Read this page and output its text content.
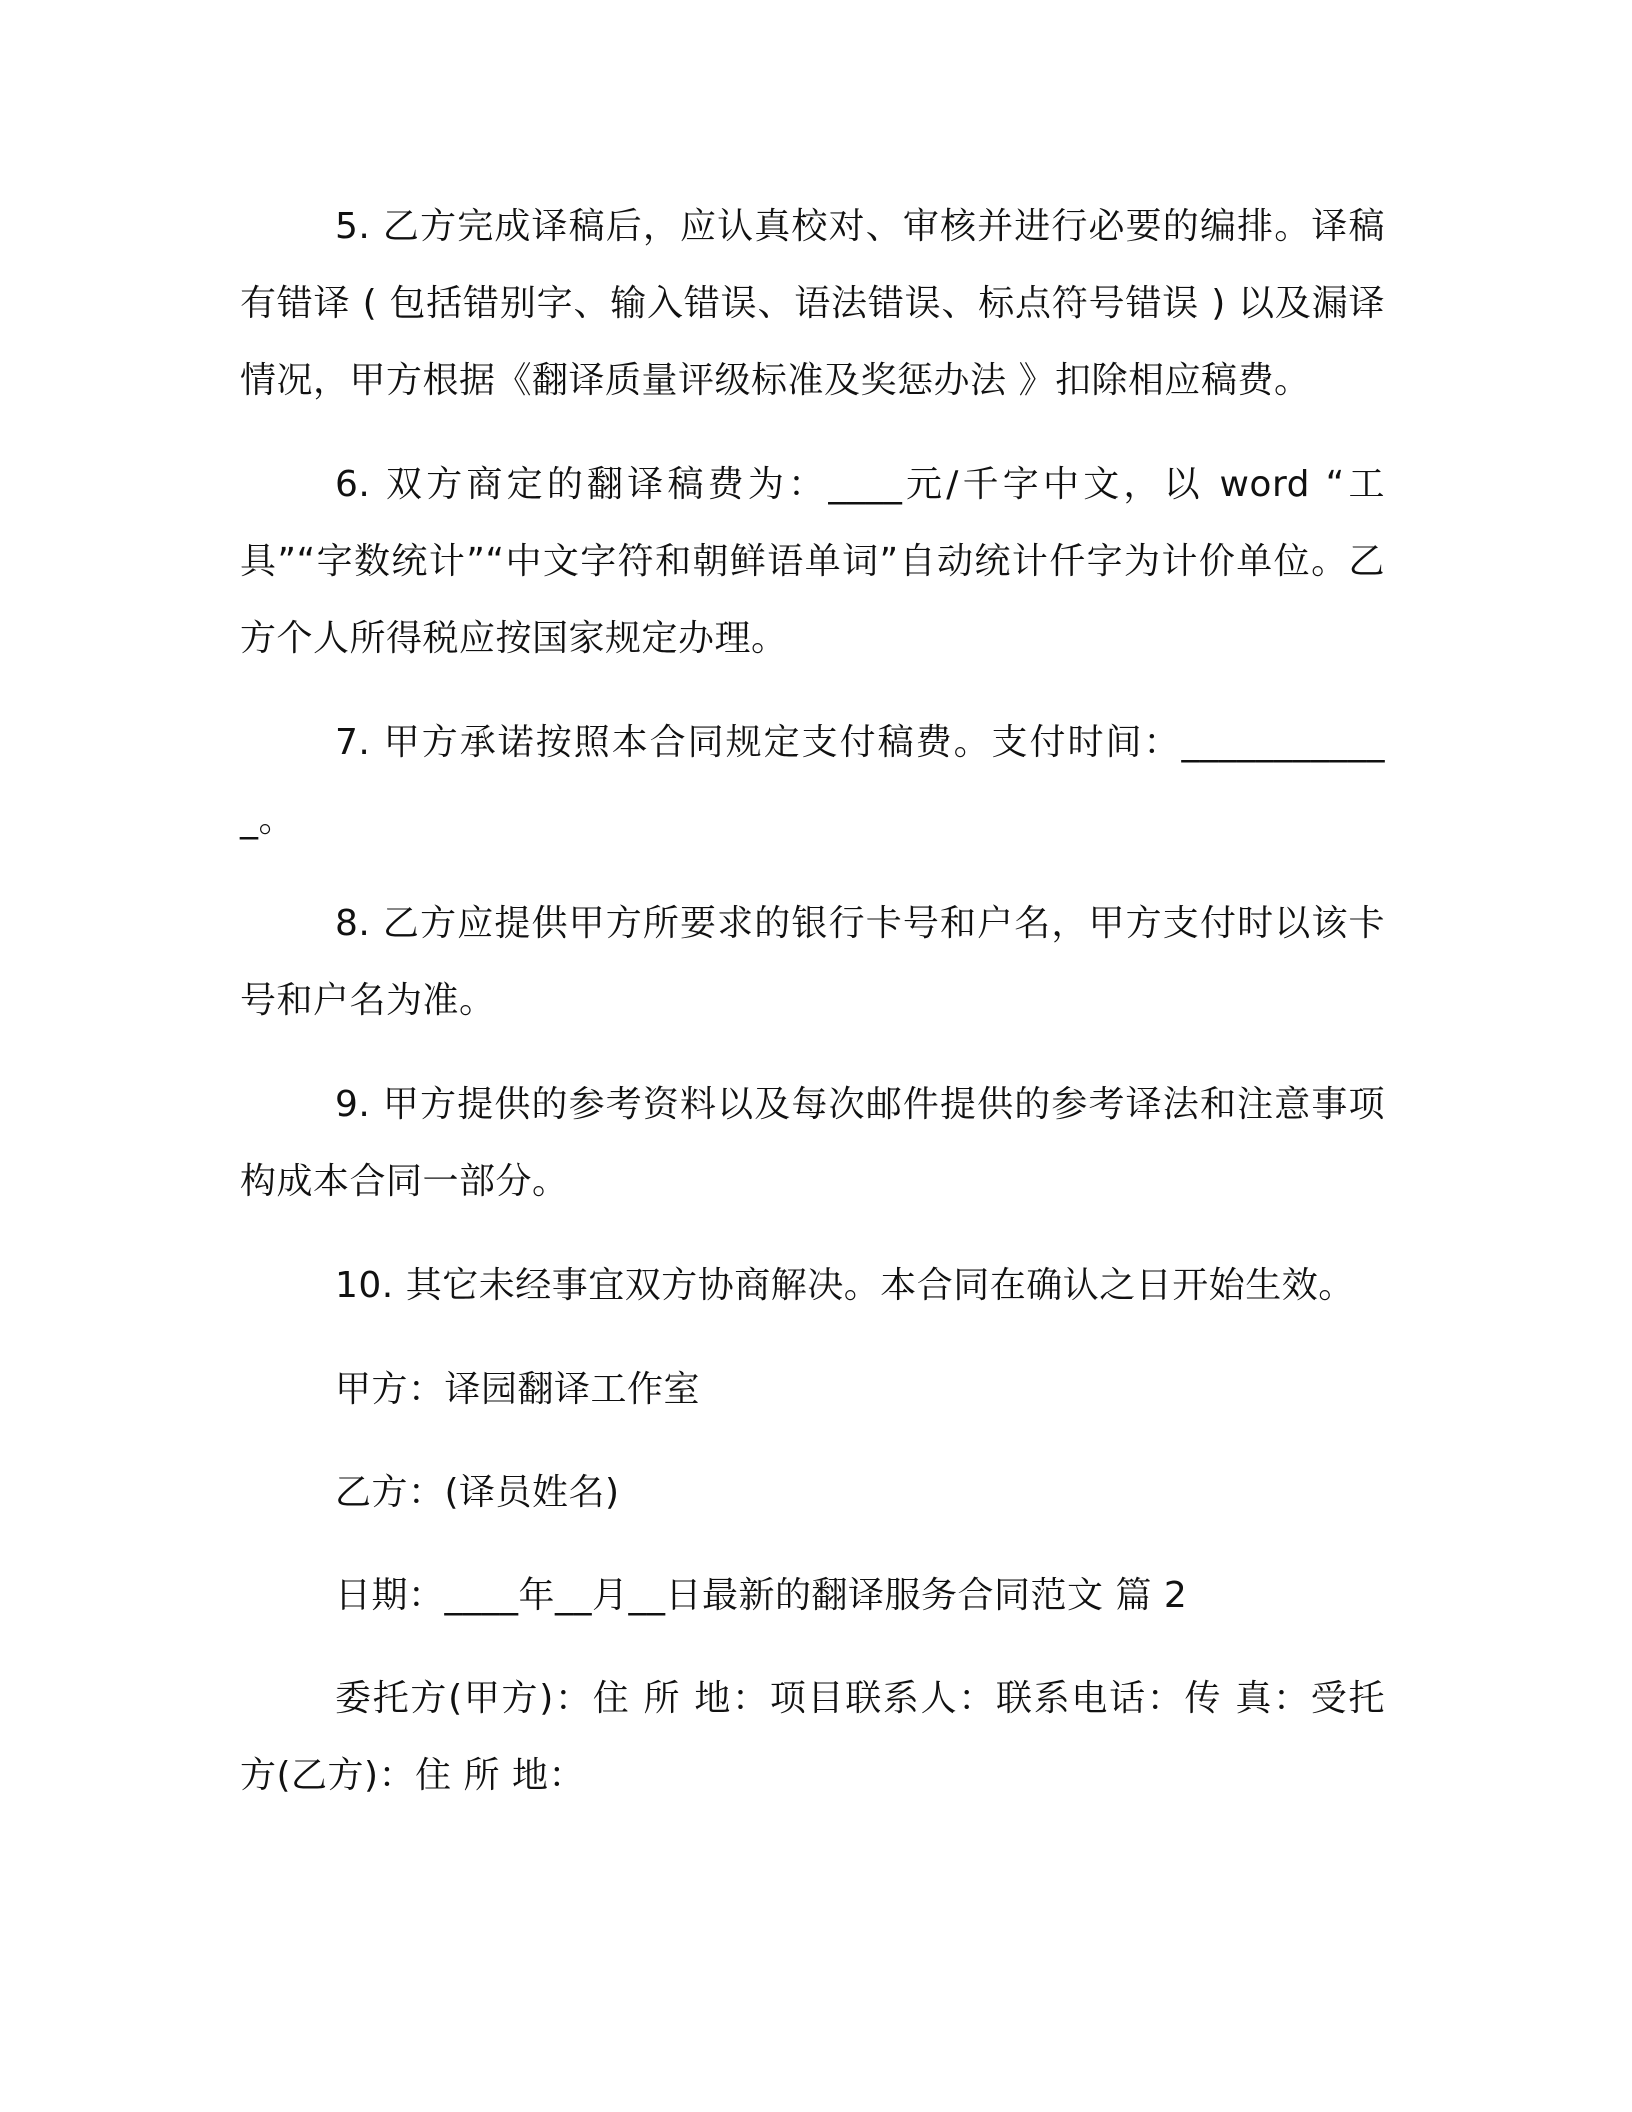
5. 乙方完成译稿后，应认真校对、审核并进行必要的编排。译稿有错译 ( 包括错别字、输入错误、语法错误、标点符号错误 ) 以及漏译情况，甲方根据《翻译质量评级标准及奖惩办法 》扣除相应稿费。

6. 双方商定的翻译稿费为：____元/千字中文，以 word “工具”“字数统计”“中文字符和朝鲜语单词”自动统计仟字为计价单位。乙方个人所得税应按国家规定办理。

7. 甲方承诺按照本合同规定支付稿费。支付时间：____________。

8. 乙方应提供甲方所要求的银行卡号和户名，甲方支付时以该卡号和户名为准。

9. 甲方提供的参考资料以及每次邮件提供的参考译法和注意事项构成本合同一部分。

10. 其它未经事宜双方协商解决。本合同在确认之日开始生效。

甲方：译园翻译工作室

乙方：(译员姓名)

日期：____年__月__日最新的翻译服务合同范文 篇 2

委托方(甲方)：住 所 地：项目联系人：联系电话：传 真：受托方(乙方)：住 所 地：
